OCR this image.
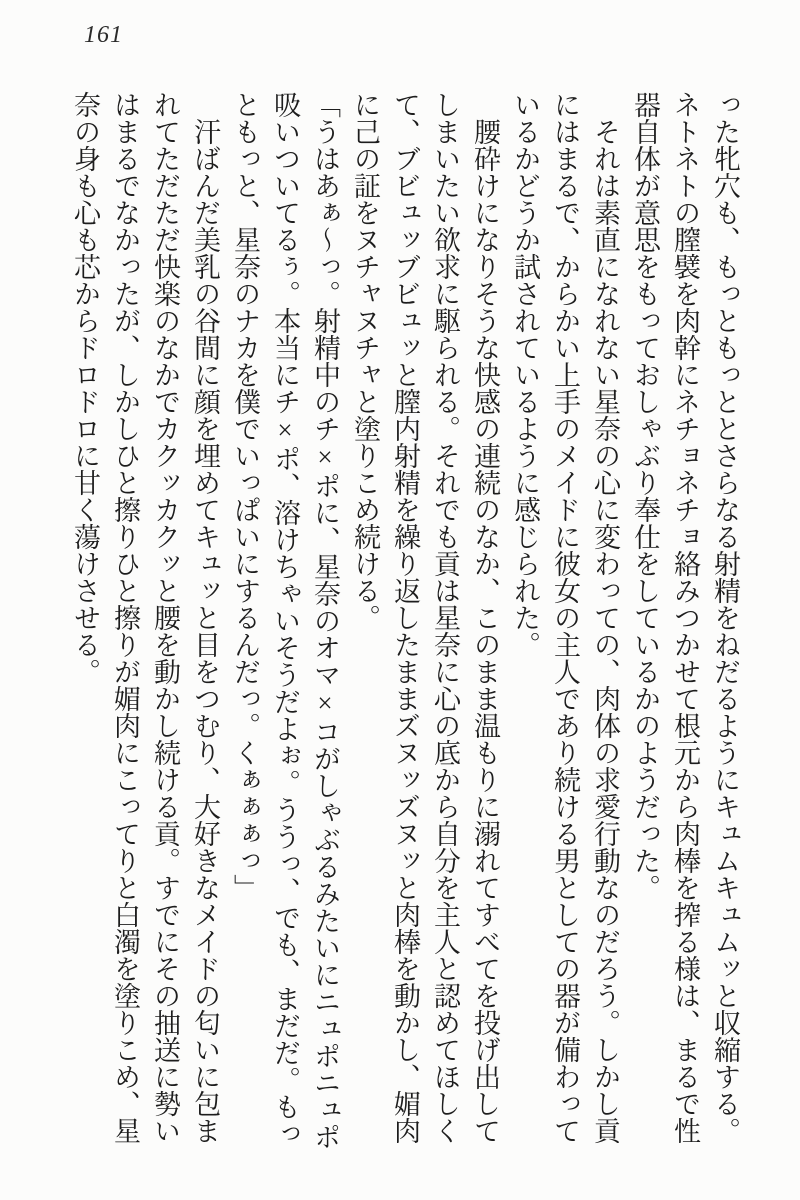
161

った牝穴も、もっともっととさらなる射精をねだるようにキュムキュムッと収縮する。ネトネトの膣襞を肉幹にネチョネチョ絡みつかせて根元から肉棒を搾る様は、まるで性器自体が意思をもっておしゃぶり奉仕をしているかのようだった。

　それは素直になれない星奈の心に変わっての、肉体の求愛行動なのだろう。しかし貢にはまるで、からかい上手のメイドに彼女の主人であり続ける男としての器が備わっているかどうか試されているように感じられた。

　腰砕けになりそうな快感の連続のなか、このまま温もりに溺れてすべてを投げ出してしまいたい欲求に駆られる。それでも貢は星奈に心の底から自分を主人と認めてほしくて、ブビュッブビュッと膣内射精を繰り返したままズヌッズヌッと肉棒を動かし、媚肉に己の証をヌチャヌチャと塗りこめ続ける。

「うはあぁ〜っ。射精中のチ×ポに、星奈のオマ×コがしゃぶるみたいにニュポニュポ吸いついてるぅ。本当にチ×ポ、溶けちゃいそうだよぉ。ううっ、でも、まだだ。もっともっと、星奈のナカを僕でいっぱいにするんだっ。くぁぁぁっ」

　汗ばんだ美乳の谷間に顔を埋めてキュッと目をつむり、大好きなメイドの匂いに包まれてただただ快楽のなかでカクッカクッと腰を動かし続ける貢。すでにその抽送に勢いはまるでなかったが、しかしひと擦りひと擦りが媚肉にこってりと白濁を塗りこめ、星奈の身も心も芯からドロドロに甘く蕩けさせる。
